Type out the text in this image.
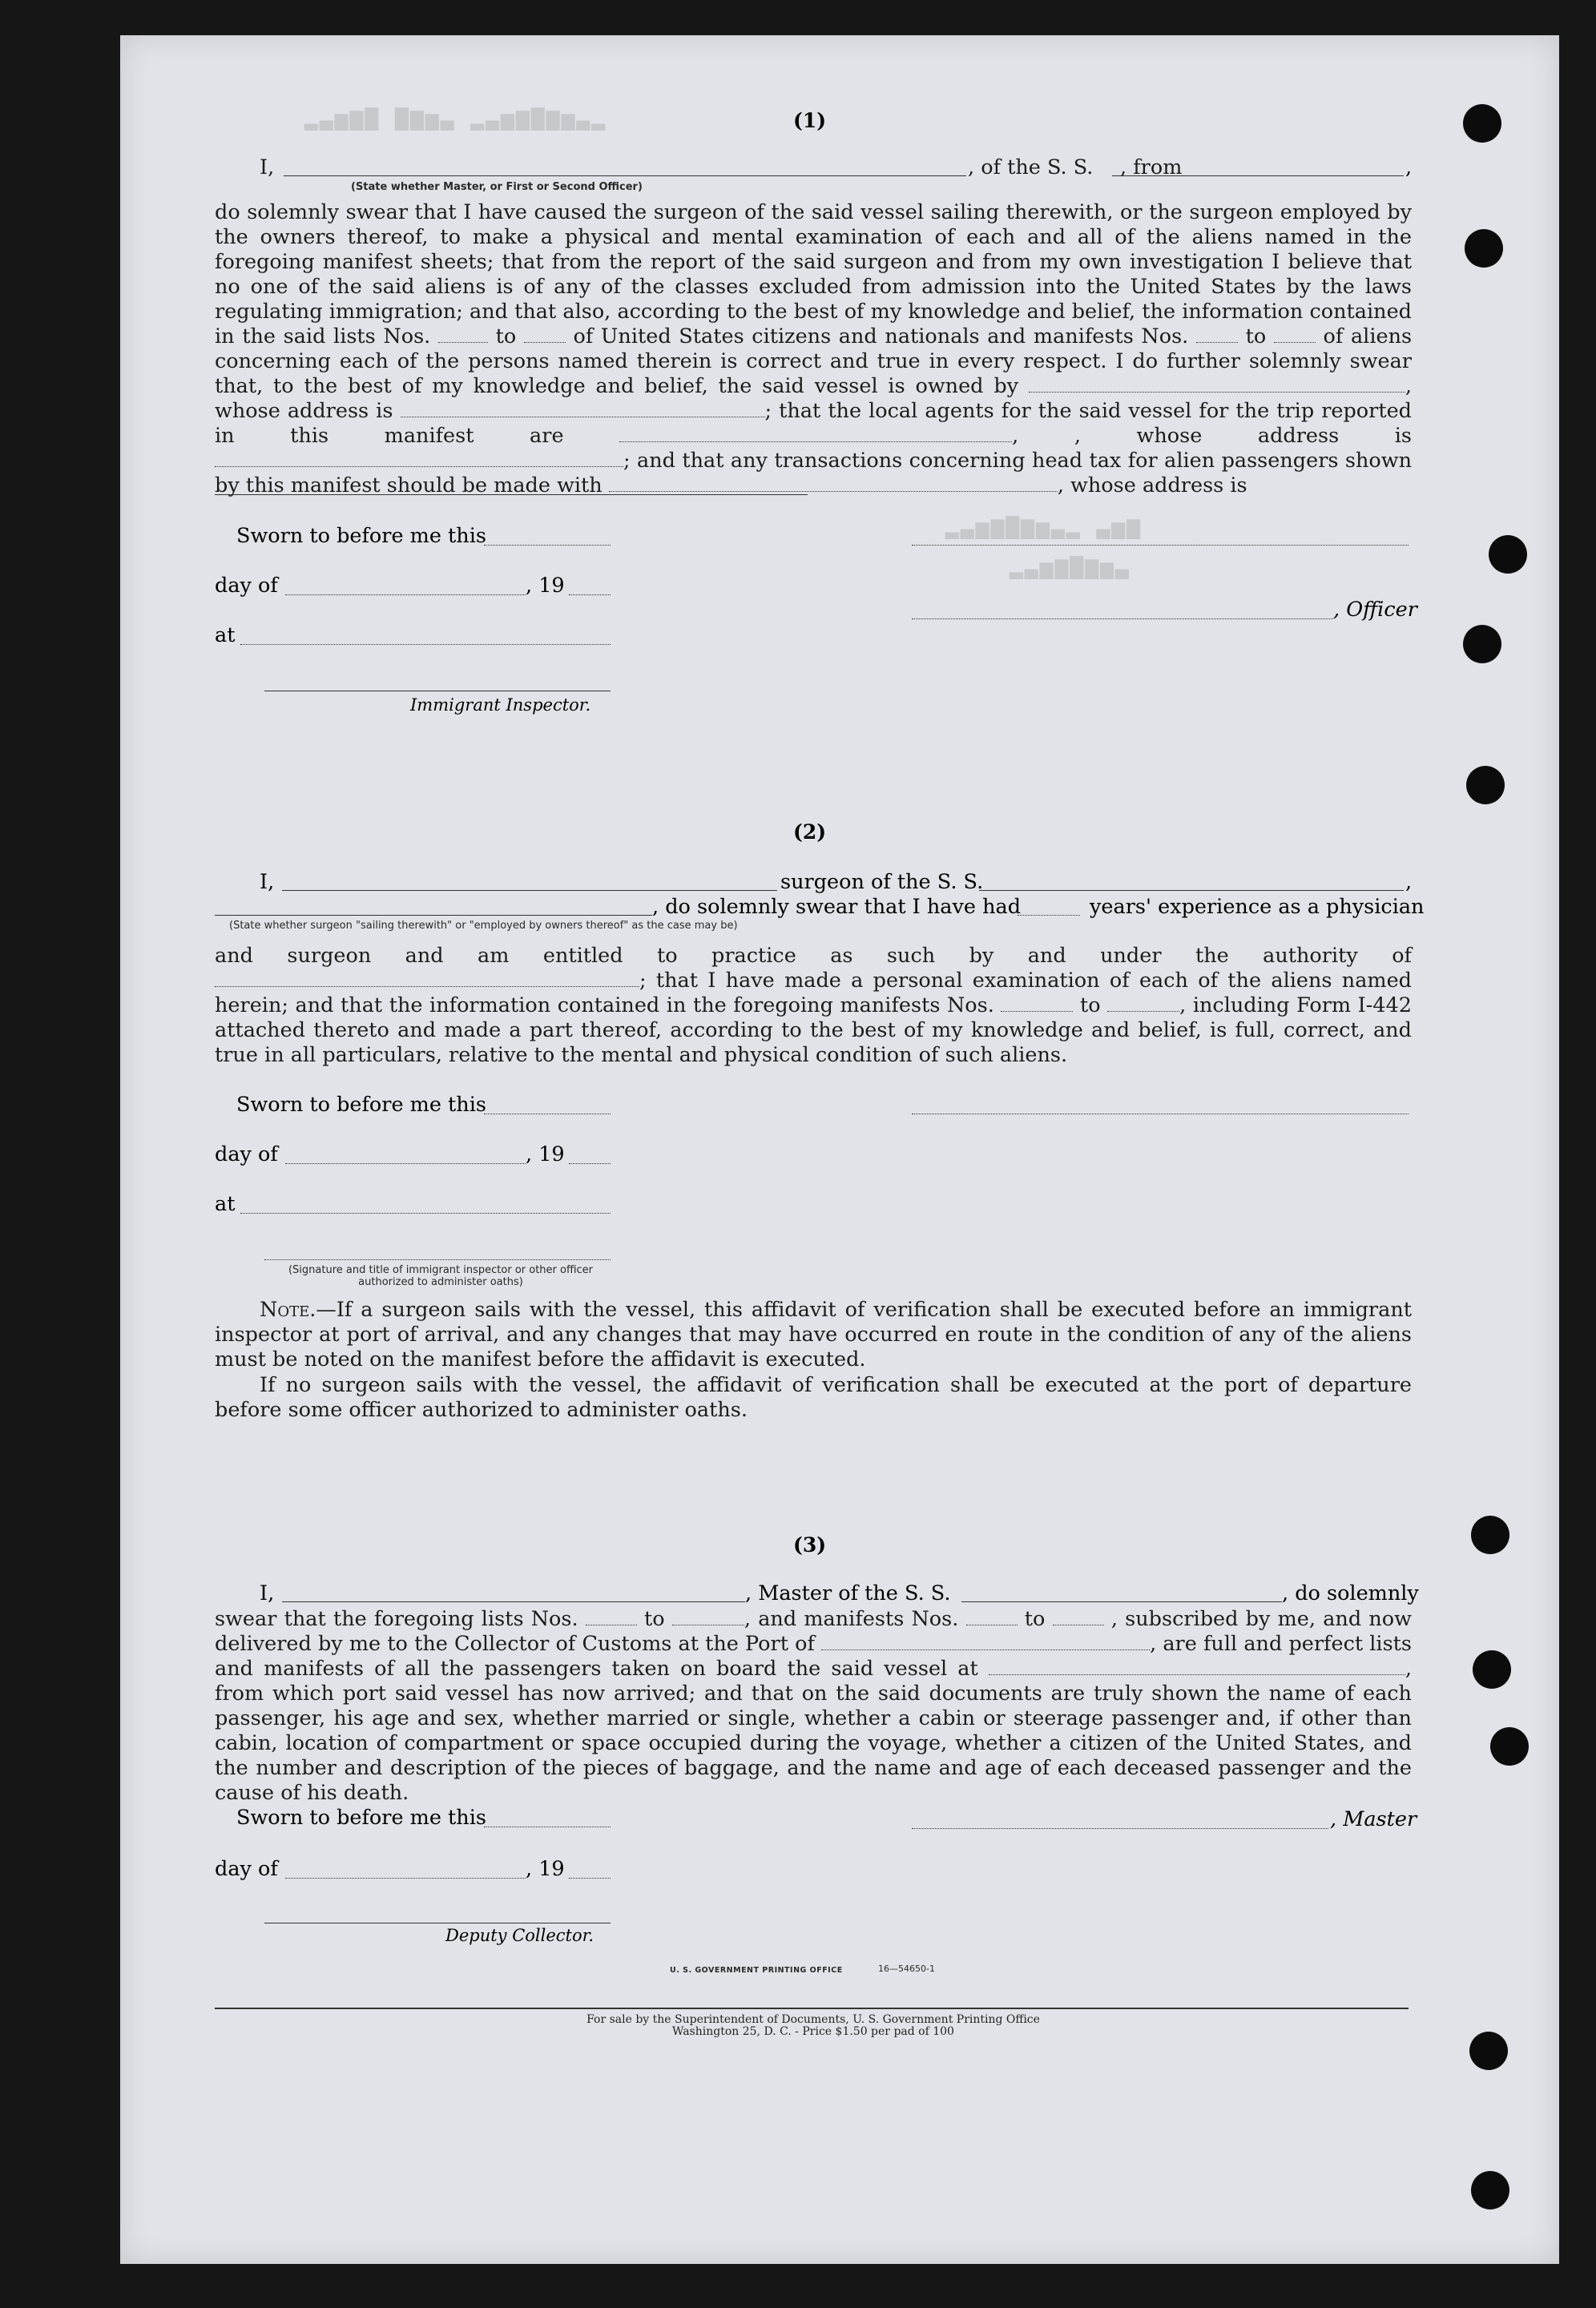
▂▃▅▆▇ ▇▆▅▃ ▂▃▅▆▇▆▅▃▂
▂▃▅▆▇▆▅▃▂ ▃▅▆
▂▃▅▆▇▆▅▃
(1)
I,	, of the S. S. , from	,
(State whether Master, or First or Second Officer)

do solemnly swear that I have caused the surgeon of the said vessel sailing therewith, or the surgeon employed by the owners thereof, to make a physical and mental examination of each and all of the aliens named in the foregoing manifest sheets; that from the report of the said surgeon and from my own investigation I believe that no one of the said aliens is of any of the classes excluded from admission into the United States by the laws regulating immigration; and that also, according to the best of my knowledge and belief, the information contained in the said lists Nos.	to	of United States citizens and nationals and manifests Nos.	to	of aliens concerning each of the persons named therein is correct and true in every respect. I do further solemnly swear that, to the best of my knowledge and belief, the said vessel is owned by	, whose address is	; that the local agents for the said vessel for the trip reported in this manifest are	, , whose address is ; and that any transactions concerning head tax for alien passengers shown by this manifest should be made with	, whose address is

Sworn to before me this
day of	, 19
, Officer
at
Immigrant Inspector.
(2)
I,	surgeon of the S. S.	,
, do solemnly swear that I have had	years' experience as a physician
(State whether surgeon "sailing therewith" or "employed by owners thereof" as the case may be)

and surgeon and am entitled to practice as such by and under the authority of ; that I have made a personal examination of each of the aliens named herein; and that the information contained in the foregoing manifests Nos.	to	, including Form I-442 attached thereto and made a part thereof, according to the best of my knowledge and belief, is full, correct, and true in all particulars, relative to the mental and physical condition of such aliens.

Sworn to before me this
day of	, 19
at
(Signature and title of immigrant inspector or other officer authorized to administer oaths)

Note.—If a surgeon sails with the vessel, this affidavit of verification shall be executed before an immigrant inspector at port of arrival, and any changes that may have occurred en route in the condition of any of the aliens must be noted on the manifest before the affidavit is executed.

If no surgeon sails with the vessel, the affidavit of verification shall be executed at the port of departure before some officer authorized to administer oaths.

(3)
I,	, Master of the S. S.	, do solemnly

swear that the foregoing lists Nos.	to	, and manifests Nos.	to	, subscribed by me, and now delivered by me to the Collector of Customs at the Port of	, are full and perfect lists and manifests of all the passengers taken on board the said vessel at	, from which port said vessel has now arrived; and that on the said documents are truly shown the name of each passenger, his age and sex, whether married or single, whether a cabin or steerage passenger and, if other than cabin, location of compartment or space occupied during the voyage, whether a citizen of the United States, and the number and description of the pieces of baggage, and the name and age of each deceased passenger and the cause of his death.

Sworn to before me this	, Master
day of	, 19
Deputy Collector.
U. S. GOVERNMENT PRINTING OFFICE	16—54650-1
For sale by the Superintendent of Documents, U. S. Government Printing Office
Washington 25, D. C. - Price $1.50 per pad of 100
